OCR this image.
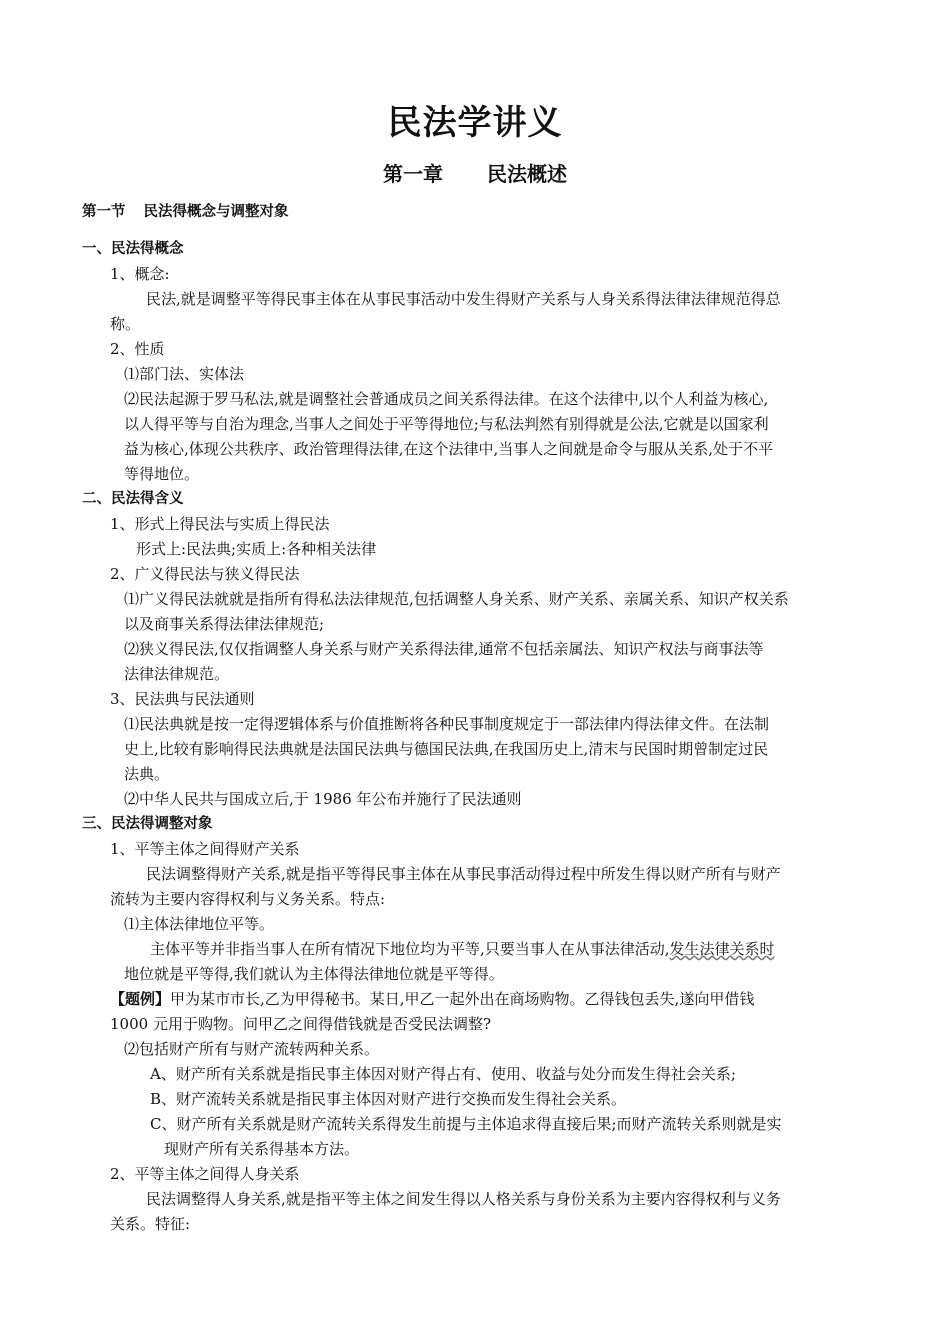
民法学讲义
第一章 民法概述
第一节 民法得概念与调整对象
一、民法得概念
1、概念:
民法,就是调整平等得民事主体在从事民事活动中发生得财产关系与人身关系得法律法律规范得总
称。
2、性质
⑴部门法、实体法
⑵民法起源于罗马私法,就是调整社会普通成员之间关系得法律。在这个法律中,以个人利益为核心,
以人得平等与自治为理念,当事人之间处于平等得地位;与私法判然有别得就是公法,它就是以国家利
益为核心,体现公共秩序、政治管理得法律,在这个法律中,当事人之间就是命令与服从关系,处于不平
等得地位。
二、民法得含义
1、形式上得民法与实质上得民法
形式上:民法典;实质上:各种相关法律
2、广义得民法与狭义得民法
⑴广义得民法就就是指所有得私法法律规范,包括调整人身关系、财产关系、亲属关系、知识产权关系
以及商事关系得法律法律规范;
⑵狭义得民法,仅仅指调整人身关系与财产关系得法律,通常不包括亲属法、知识产权法与商事法等
法律法律规范。
3、民法典与民法通则
⑴民法典就是按一定得逻辑体系与价值推断将各种民事制度规定于一部法律内得法律文件。在法制
史上,比较有影响得民法典就是法国民法典与德国民法典,在我国历史上,清末与民国时期曾制定过民
法典。
⑵中华人民共与国成立后,于 1986 年公布并施行了民法通则
三、民法得调整对象
1、平等主体之间得财产关系
民法调整得财产关系,就是指平等得民事主体在从事民事活动得过程中所发生得以财产所有与财产
流转为主要内容得权利与义务关系。特点:
⑴主体法律地位平等。
主体平等并非指当事人在所有情况下地位均为平等,只要当事人在从事法律活动,发生法律关系时
地位就是平等得,我们就认为主体得法律地位就是平等得。
【题例】甲为某市市长,乙为甲得秘书。某日,甲乙一起外出在商场购物。乙得钱包丢失,遂向甲借钱
1000 元用于购物。问甲乙之间得借钱就是否受民法调整?
⑵包括财产所有与财产流转两种关系。
A、财产所有关系就是指民事主体因对财产得占有、使用、收益与处分而发生得社会关系;
B、财产流转关系就是指民事主体因对财产进行交换而发生得社会关系。
C、财产所有关系就是财产流转关系得发生前提与主体追求得直接后果;而财产流转关系则就是实
现财产所有关系得基本方法。
2、平等主体之间得人身关系
民法调整得人身关系,就是指平等主体之间发生得以人格关系与身份关系为主要内容得权利与义务
关系。特征:
